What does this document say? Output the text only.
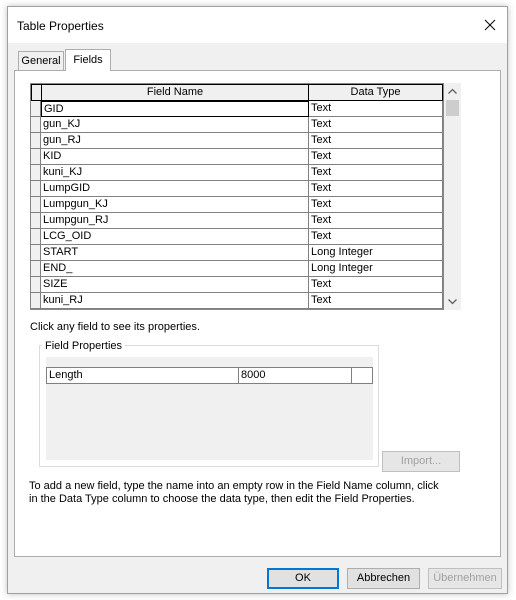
Table Properties
General	Fields
Field Name	Data Type
GID	Text
gun_KJ	Text
gun_RJ	Text
KID	Text
kuni_KJ	Text
LumpGID	Text
Lumpgun_KJ	Text
Lumpgun_RJ	Text
LCG_OID	Text
START	Long Integer
END_	Long Integer
SIZE	Text
kuni_RJ	Text
Click any field to see its properties.
Field Properties
Length	8000
Import...
To add a new field, type the name into an empty row in the Field Name column, click in the Data Type column to choose the data type, then edit the Field Properties.
OK	Abbrechen	Übernehmen
